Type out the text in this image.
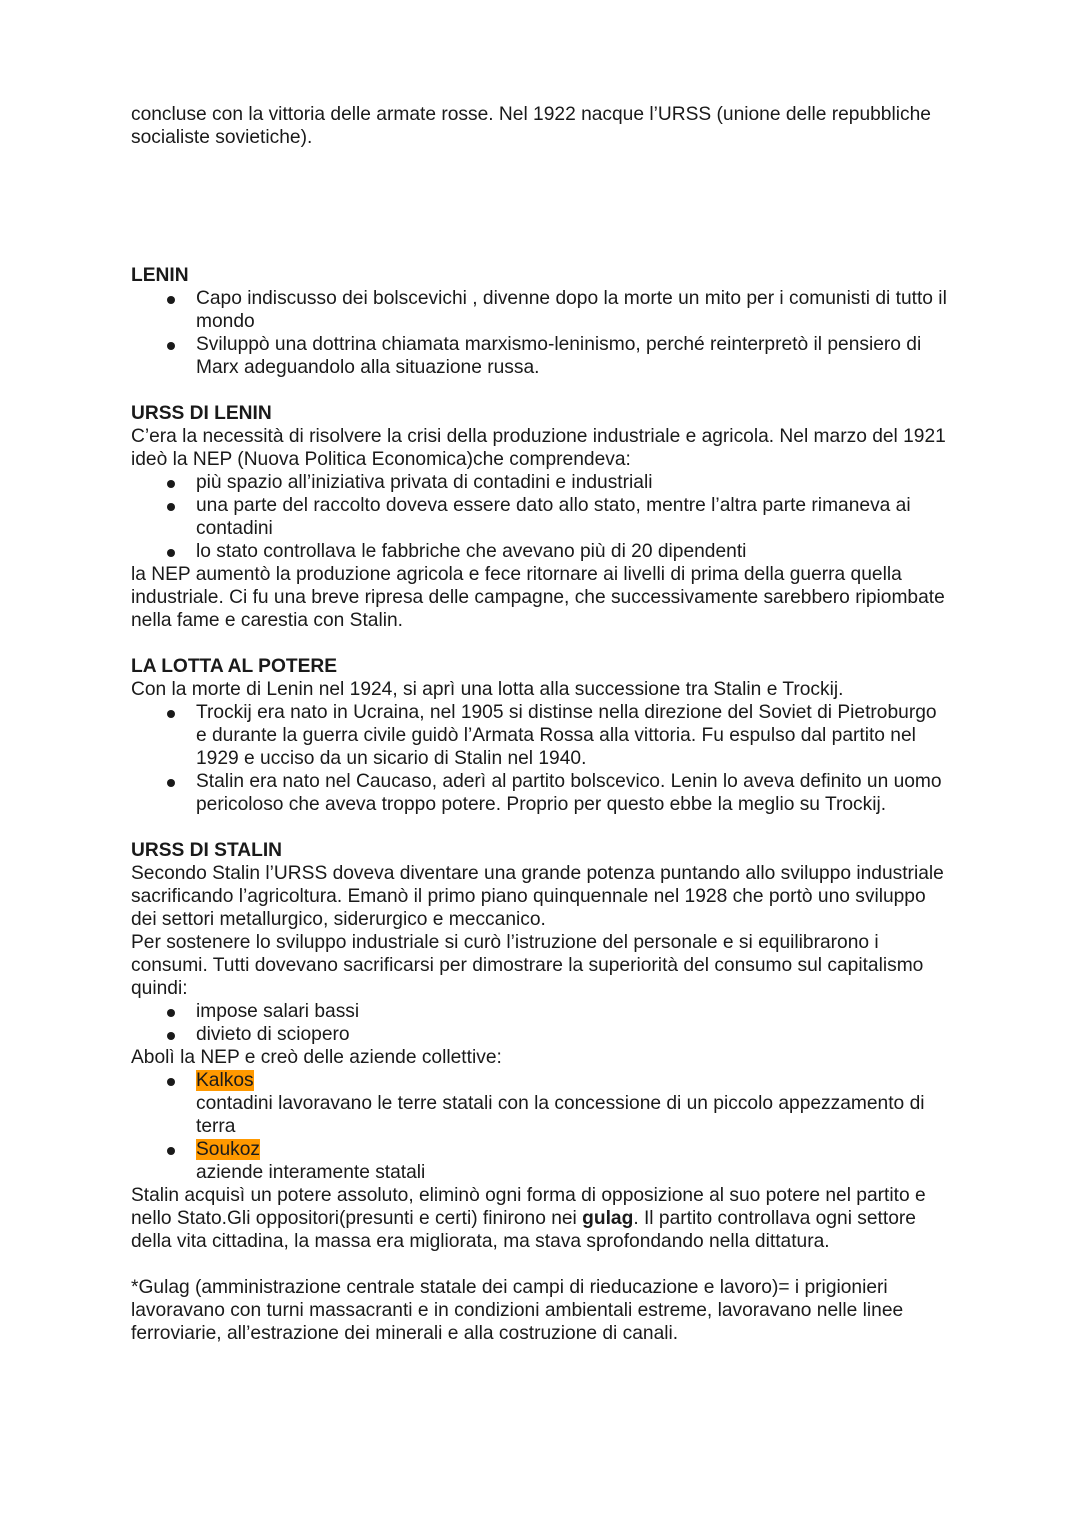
concluse con la vittoria delle armate rosse. Nel 1922 nacque l’URSS (unione delle repubbliche socialiste sovietiche).

LENIN
Capo indiscusso dei bolscevichi , divenne dopo la morte un mito per i comunisti di tutto il mondo
Sviluppò una dottrina chiamata marxismo-leninismo, perché reinterpretò il pensiero di Marx adeguandolo alla situazione russa.
URSS DI LENIN

C’era la necessità di risolvere la crisi della produzione industriale e agricola. Nel marzo del 1921 ideò la NEP (Nuova Politica Economica)che comprendeva:

più spazio all’iniziativa privata di contadini e industriali
una parte del raccolto doveva essere dato allo stato, mentre l’altra parte rimaneva ai contadini
lo stato controllava le fabbriche che avevano più di 20 dipendenti

la NEP aumentò la produzione agricola e fece ritornare ai livelli di prima della guerra quella industriale. Ci fu una breve ripresa delle campagne, che successivamente sarebbero ripiombate nella fame e carestia con Stalin.

LA LOTTA AL POTERE

Con la morte di Lenin nel 1924, si aprì una lotta alla successione tra Stalin e Trockij.

Trockij era nato in Ucraina, nel 1905 si distinse nella direzione del Soviet di Pietroburgo e durante la guerra civile guidò l’Armata Rossa alla vittoria. Fu espulso dal partito nel 1929 e ucciso da un sicario di Stalin nel 1940.
Stalin era nato nel Caucaso, aderì al partito bolscevico. Lenin lo aveva definito un uomo pericoloso che aveva troppo potere. Proprio per questo ebbe la meglio su Trockij.
URSS DI STALIN

Secondo Stalin l’URSS doveva diventare una grande potenza puntando allo sviluppo industriale sacrificando l’agricoltura. Emanò il primo piano quinquennale nel 1928 che portò uno sviluppo dei settori metallurgico, siderurgico e meccanico.

Per sostenere lo sviluppo industriale si curò l’istruzione del personale e si equilibrarono i consumi. Tutti dovevano sacrificarsi per dimostrare la superiorità del consumo sul capitalismo quindi:

impose salari bassi
divieto di sciopero

Abolì la NEP e creò delle aziende collettive:

Kalkos
contadini lavoravano le terre statali con la concessione di un piccolo appezzamento di terra
Soukoz
aziende interamente statali

Stalin acquisì un potere assoluto, eliminò ogni forma di opposizione al suo potere nel partito e nello Stato.Gli oppositori(presunti e certi) finirono nei gulag. Il partito controllava ogni settore della vita cittadina, la massa era migliorata, ma stava sprofondando nella dittatura.

*Gulag (amministrazione centrale statale dei campi di rieducazione e lavoro)= i prigionieri lavoravano con turni massacranti e in condizioni ambientali estreme, lavoravano nelle linee ferroviarie, all’estrazione dei minerali e alla costruzione di canali.
